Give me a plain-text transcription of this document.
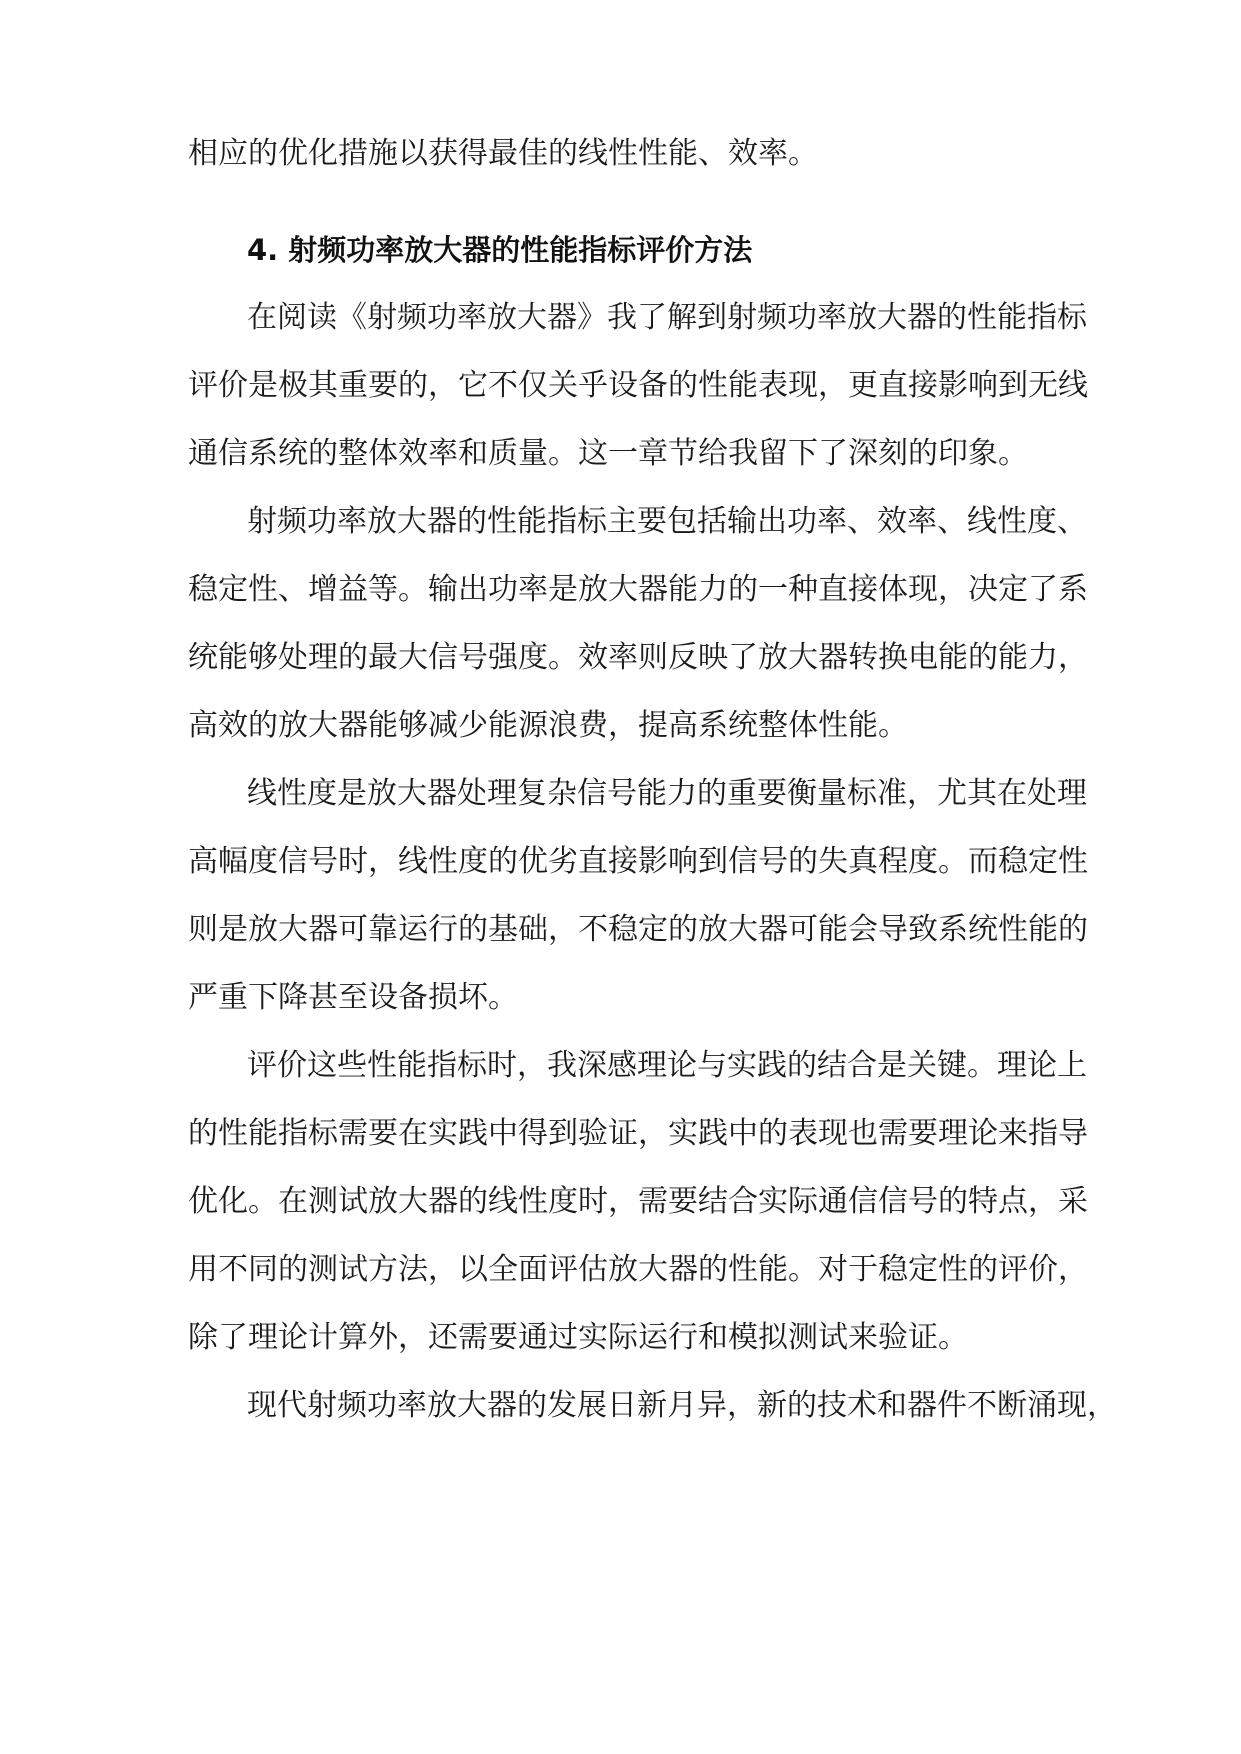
相应的优化措施以获得最佳的线性性能、效率。
4. 射频功率放大器的性能指标评价方法
在阅读《射频功率放大器》我了解到射频功率放大器的性能指标
评价是极其重要的，它不仅关乎设备的性能表现，更直接影响到无线
通信系统的整体效率和质量。这一章节给我留下了深刻的印象。
射频功率放大器的性能指标主要包括输出功率、效率、线性度、
稳定性、增益等。输出功率是放大器能力的一种直接体现，决定了系
统能够处理的最大信号强度。效率则反映了放大器转换电能的能力，
高效的放大器能够减少能源浪费，提高系统整体性能。
线性度是放大器处理复杂信号能力的重要衡量标准，尤其在处理
高幅度信号时，线性度的优劣直接影响到信号的失真程度。而稳定性
则是放大器可靠运行的基础，不稳定的放大器可能会导致系统性能的
严重下降甚至设备损坏。
评价这些性能指标时，我深感理论与实践的结合是关键。理论上
的性能指标需要在实践中得到验证，实践中的表现也需要理论来指导
优化。在测试放大器的线性度时，需要结合实际通信信号的特点，采
用不同的测试方法，以全面评估放大器的性能。对于稳定性的评价，
除了理论计算外，还需要通过实际运行和模拟测试来验证。
现代射频功率放大器的发展日新月异，新的技术和器件不断涌现，
